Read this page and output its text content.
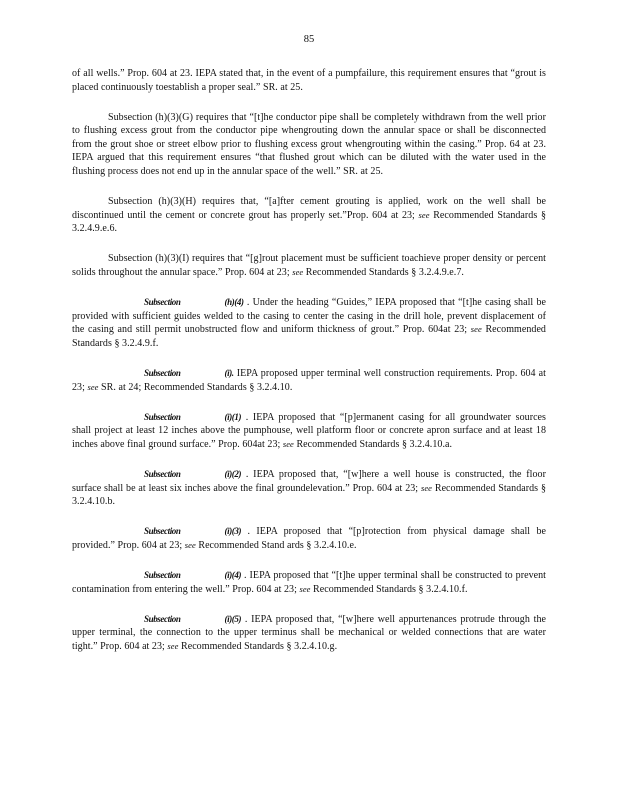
85

of all wells.” Prop. 604 at 23. IEPA stated that, in the event of a pumpfailure, this requirement ensures that “grout is placed continuously toestablish a proper seal.” SR. at 25.

Subsection (h)(3)(G) requires that “[t]he conductor pipe shall be completely withdrawn from the well prior to flushing excess grout from the conductor pipe whengrouting down the annular space or shall be disconnected from the grout shoe or street elbow prior to flushing excess grout whengrouting within the casing.” Prop. 64 at 23. IEPA argued that this requirement ensures “that flushed grout which can be diluted with the water used in the flushing process does not end up in the annular space of the well.” SR. at 25.

Subsection (h)(3)(H) requires that, “[a]fter cement grouting is applied, work on the well shall be discontinued until the cement or concrete grout has properly set.”Prop. 604 at 23; see Recommended Standards § 3.2.4.9.e.6.

Subsection (h)(3)(I) requires that “[g]rout placement must be sufficient toachieve proper density or percent solids throughout the annular space.” Prop. 604 at 23; see Recommended Standards § 3.2.4.9.e.7.

Subsection	(h)(4) . Under the heading “Guides,” IEPA proposed that “[t]he casing shall be provided with sufficient guides welded to the casing to center the casing in the drill hole, prevent displacement of the casing and still permit unobstructed flow and uniform thickness of grout.” Prop. 604at 23; see Recommended Standards § 3.2.4.9.f.

Subsection	(i). IEPA proposed upper terminal well construction requirements. Prop. 604 at 23; see SR. at 24; Recommended Standards § 3.2.4.10.

Subsection	(i)(1) . IEPA proposed that “[p]ermanent casing for all groundwater sources shall project at least 12 inches above the pumphouse, well platform floor or concrete apron surface and at least 18 inches above final ground surface.” Prop. 604at 23; see Recommended Standards § 3.2.4.10.a.

Subsection	(i)(2) . IEPA proposed that, “[w]here a well house is constructed, the floor surface shall be at least six inches above the final groundelevation.” Prop. 604 at 23; see Recommended Standards § 3.2.4.10.b.

Subsection	(i)(3) . IEPA proposed that “[p]rotection from physical damage shall be provided.” Prop. 604 at 23; see Recommended Stand ards § 3.2.4.10.e.

Subsection	(i)(4) . IEPA proposed that “[t]he upper terminal shall be constructed to prevent contamination from entering the well.” Prop. 604 at 23; see Recommended Standards § 3.2.4.10.f.

Subsection	(i)(5) . IEPA proposed that, “[w]here well appurtenances protrude through the upper terminal, the connection to the upper terminus shall be mechanical or welded connections that are water tight.” Prop. 604 at 23; see Recommended Standards § 3.2.4.10.g.
